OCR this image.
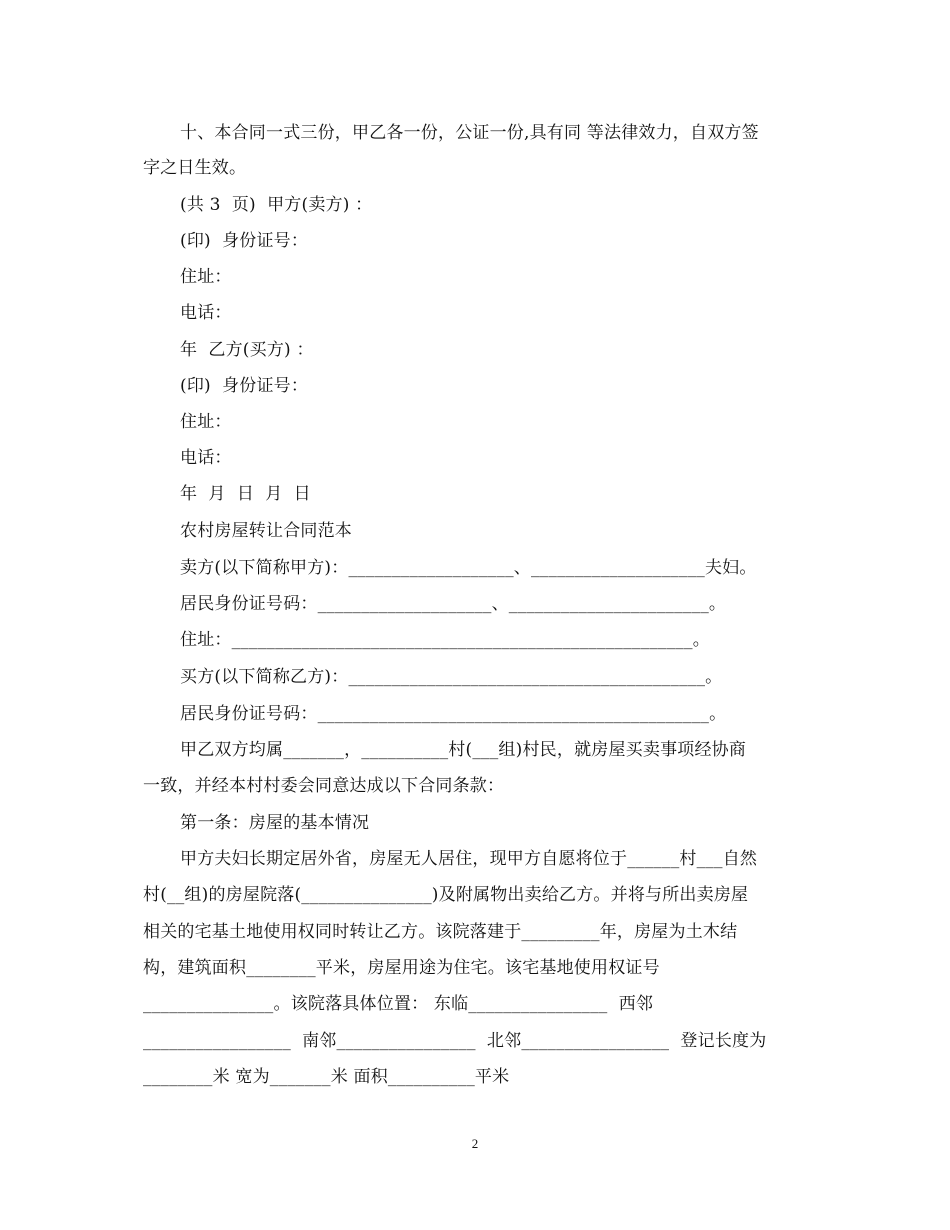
十、本合同一式三份，甲乙各一份，公证一份,具有同 等法律效力，自双方签
字之日生效。
(共 3  页)  甲方(卖方) ：
(印)  身份证号：
住址：
电话：
年  乙方(买方) ：
(印)  身份证号：
住址：
电话：
年  月  日  月  日
农村房屋转让合同范本
卖方(以下简称甲方)：___________________、____________________夫妇。
居民身份证号码：____________________、_______________________。
住址：_____________________________________________________。
买方(以下简称乙方)：_________________________________________。
居民身份证号码：_____________________________________________。
甲乙双方均属_______，__________村(___组)村民，就房屋买卖事项经协商
一致，并经本村村委会同意达成以下合同条款：
第一条：房屋的基本情况
甲方夫妇长期定居外省，房屋无人居住，现甲方自愿将位于______村___自然
村(__组)的房屋院落(_______________)及附属物出卖给乙方。并将与所出卖房屋
相关的宅基土地使用权同时转让乙方。该院落建于_________年，房屋为土木结
构，建筑面积________平米，房屋用途为住宅。该宅基地使用权证号
_______________。该院落具体位置： 东临________________  西邻
_________________  南邻________________  北邻_________________  登记长度为
________米 宽为_______米 面积__________平米
2
